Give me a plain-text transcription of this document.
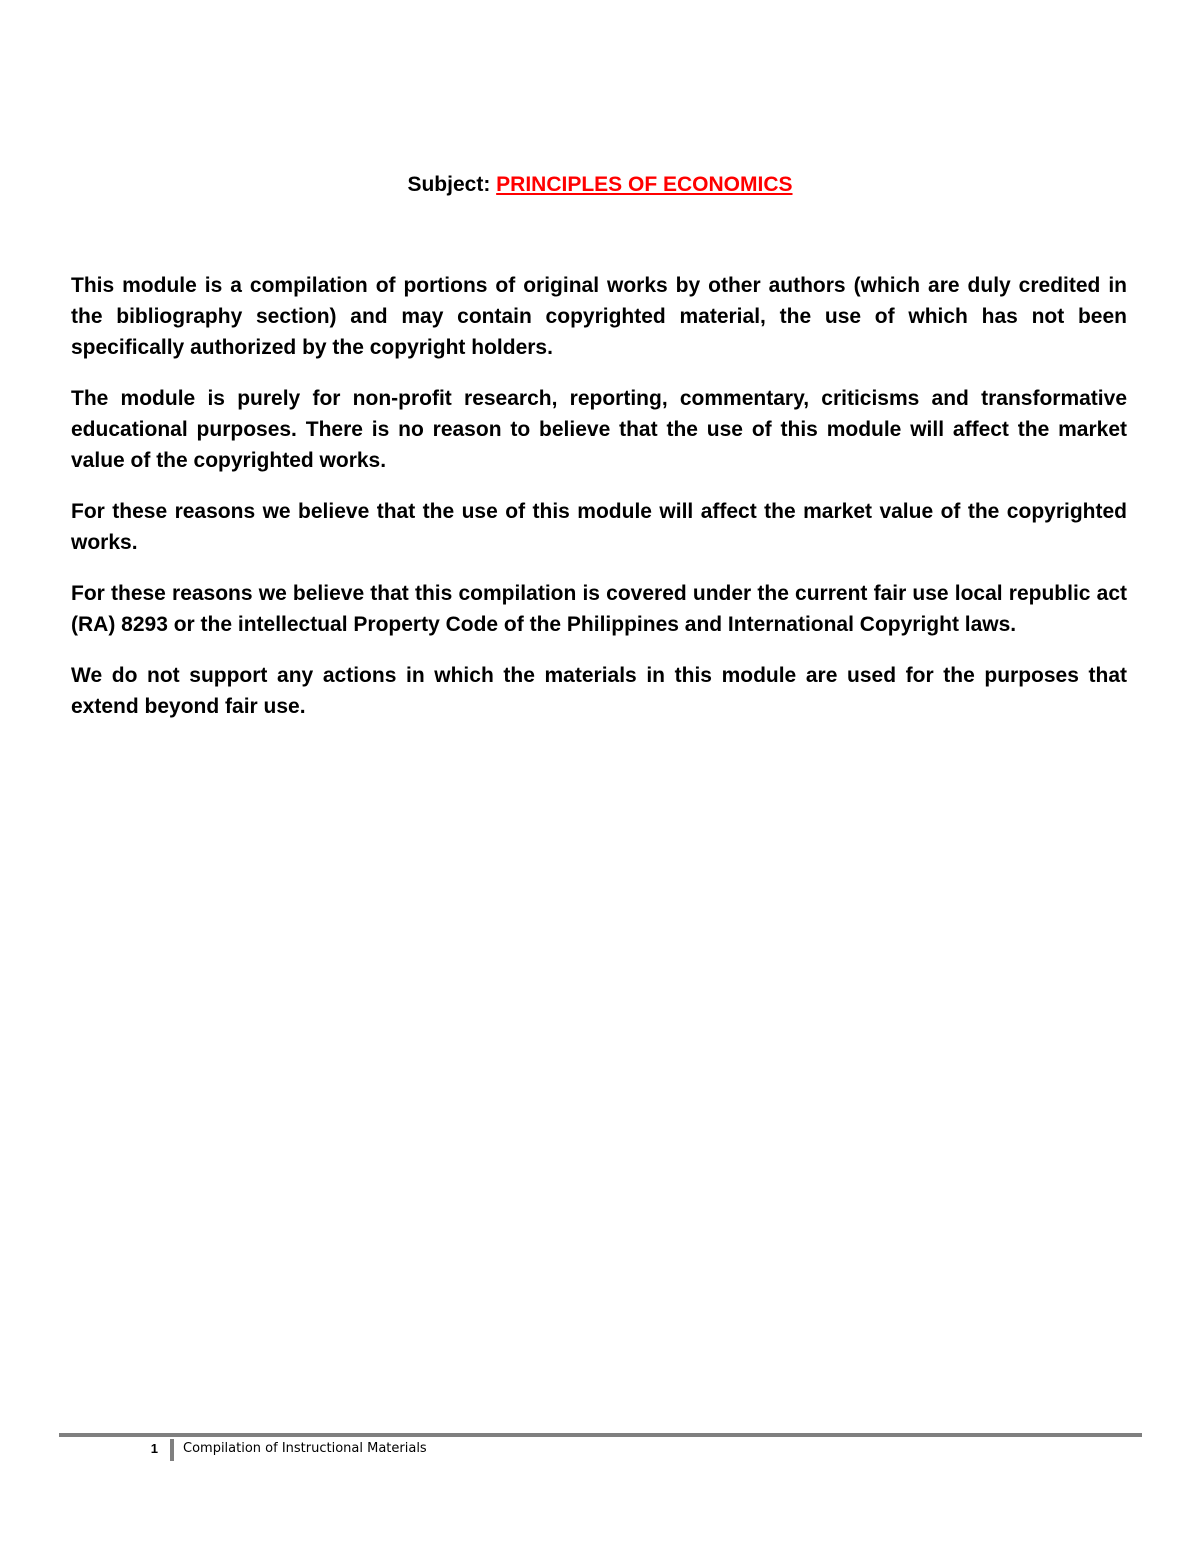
Subject: PRINCIPLES OF ECONOMICS

This module is a compilation of portions of original works by other authors (which are duly credited in the bibliography section) and may contain copyrighted material, the use of which has not been specifically authorized by the copyright holders.

The module is purely for non-profit research, reporting, commentary, criticisms and transformative educational purposes. There is no reason to believe that the use of this module will affect the market value of the copyrighted works.

For these reasons we believe that the use of this module will affect the market value of the copyrighted works.

For these reasons we believe that this compilation is covered under the current fair use local republic act (RA) 8293 or the intellectual Property Code of the Philippines and International Copyright laws.

We do not support any actions in which the materials in this module are used for the purposes that extend beyond fair use.

1 Compilation of Instructional Materials
